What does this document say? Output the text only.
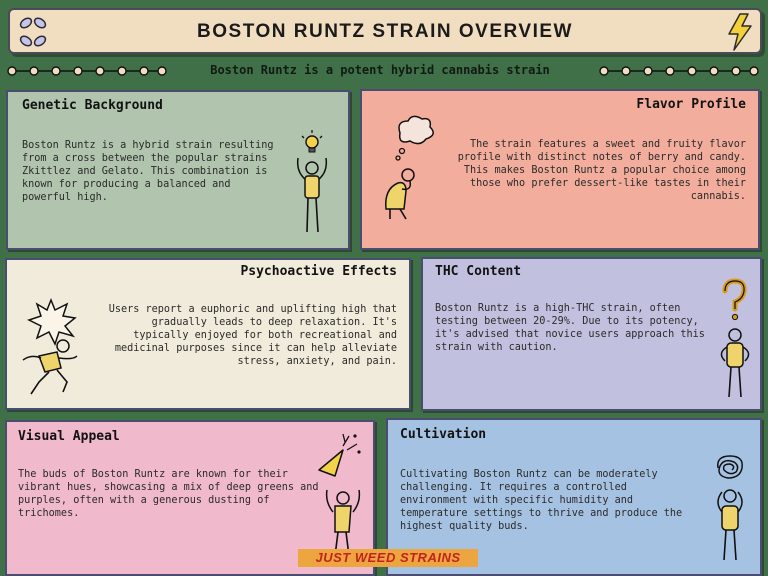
BOSTON RUNTZ STRAIN OVERVIEW
Boston Runtz is a potent hybrid cannabis strain
Genetic Background

Boston Runtz is a hybrid strain resulting from a cross between the popular strains Zkittlez and Gelato. This combination is known for producing a balanced and powerful high.

Flavor Profile

The strain features a sweet and fruity flavor profile with distinct notes of berry and candy. This makes Boston Runtz a popular choice among those who prefer dessert-like tastes in their cannabis.

Psychoactive Effects

Users report a euphoric and uplifting high that gradually leads to deep relaxation. It's typically enjoyed for both recreational and medicinal purposes since it can help alleviate stress, anxiety, and pain.

THC Content

Boston Runtz is a high-THC strain, often testing between 20-29%. Due to its potency, it's advised that novice users approach this strain with caution.

Visual Appeal

The buds of Boston Runtz are known for their vibrant hues, showcasing a mix of deep greens and purples, often with a generous dusting of trichomes.

Cultivation

Cultivating Boston Runtz can be moderately challenging. It requires a controlled environment with specific humidity and temperature settings to thrive and produce the highest quality buds.

JUST WEED STRAINS
